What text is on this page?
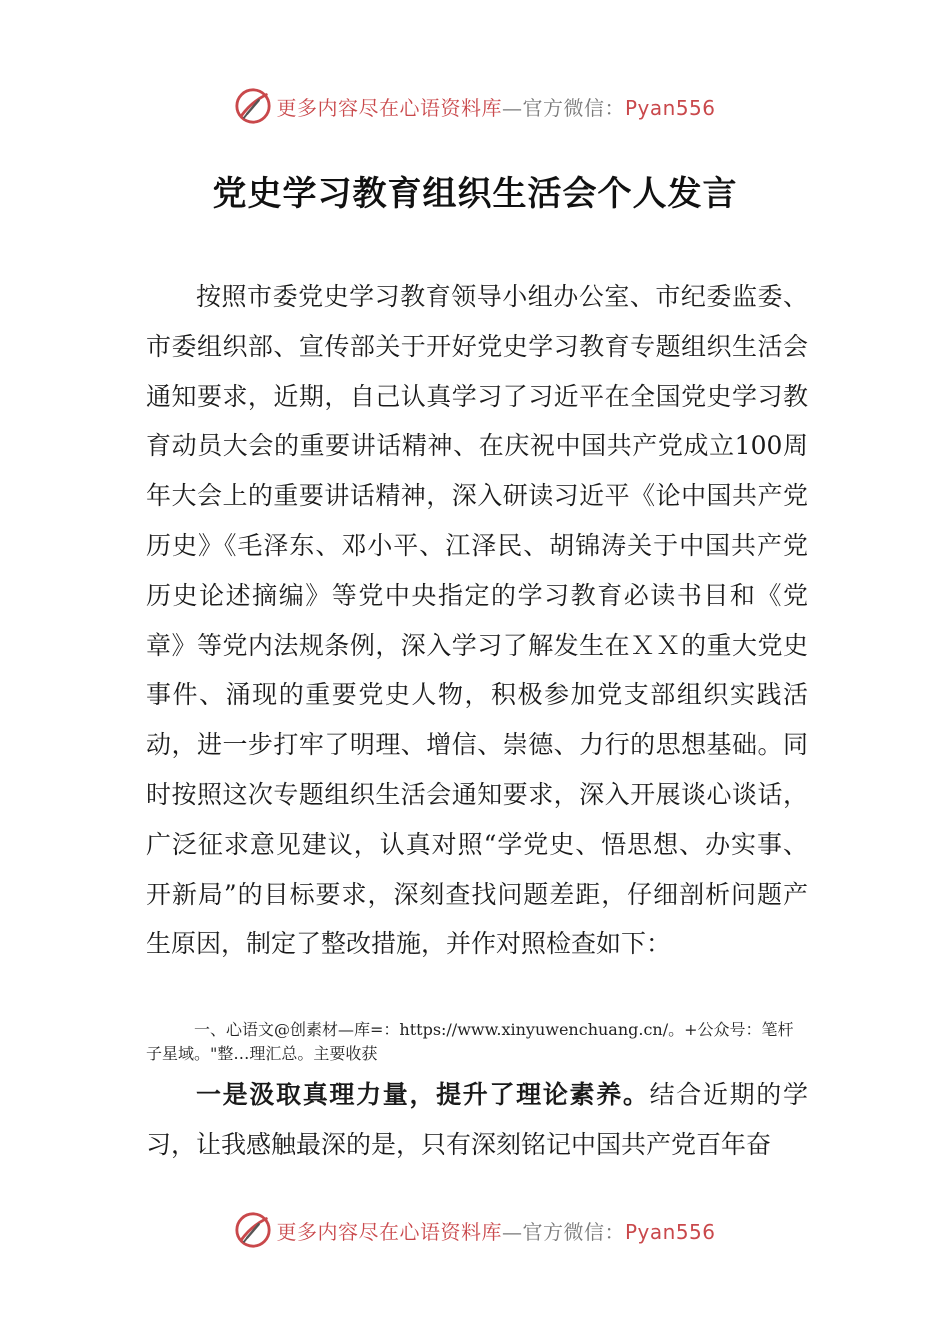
更多内容尽在心语资料库—官方微信：Pyan556
党史学习教育组织生活会个人发言

按照市委党史学习教育领导小组办公室、市纪委监委、市委组织部、宣传部关于开好党史学习教育专题组织生活会通知要求，近期，自己认真学习了习近平在全国党史学习教育动员大会的重要讲话精神、在庆祝中国共产党成立100周年大会上的重要讲话精神，深入研读习近平《论中国共产党历史》《毛泽东、邓小平、江泽民、胡锦涛关于中国共产党历史论述摘编》等党中央指定的学习教育必读书目和《党章》等党内法规条例，深入学习了解发生在ＸＸ的重大党史事件、涌现的重要党史人物，积极参加党支部组织实践活动，进一步打牢了明理、增信、崇德、力行的思想基础。同时按照这次专题组织生活会通知要求，深入开展谈心谈话，广泛征求意见建议，认真对照“学党史、悟思想、办实事、开新局”的目标要求，深刻查找问题差距，仔细剖析问题产生原因，制定了整改措施，并作对照检查如下：

一、心语文@创素材—库=：https://www.xinyuwenchuang.cn/。+公众号：笔杆子星域。"整…理汇总。主要收获

一是汲取真理力量，提升了理论素养。结合近期的学习，让我感触最深的是，只有深刻铭记中国共产党百年奋

更多内容尽在心语资料库—官方微信：Pyan556
